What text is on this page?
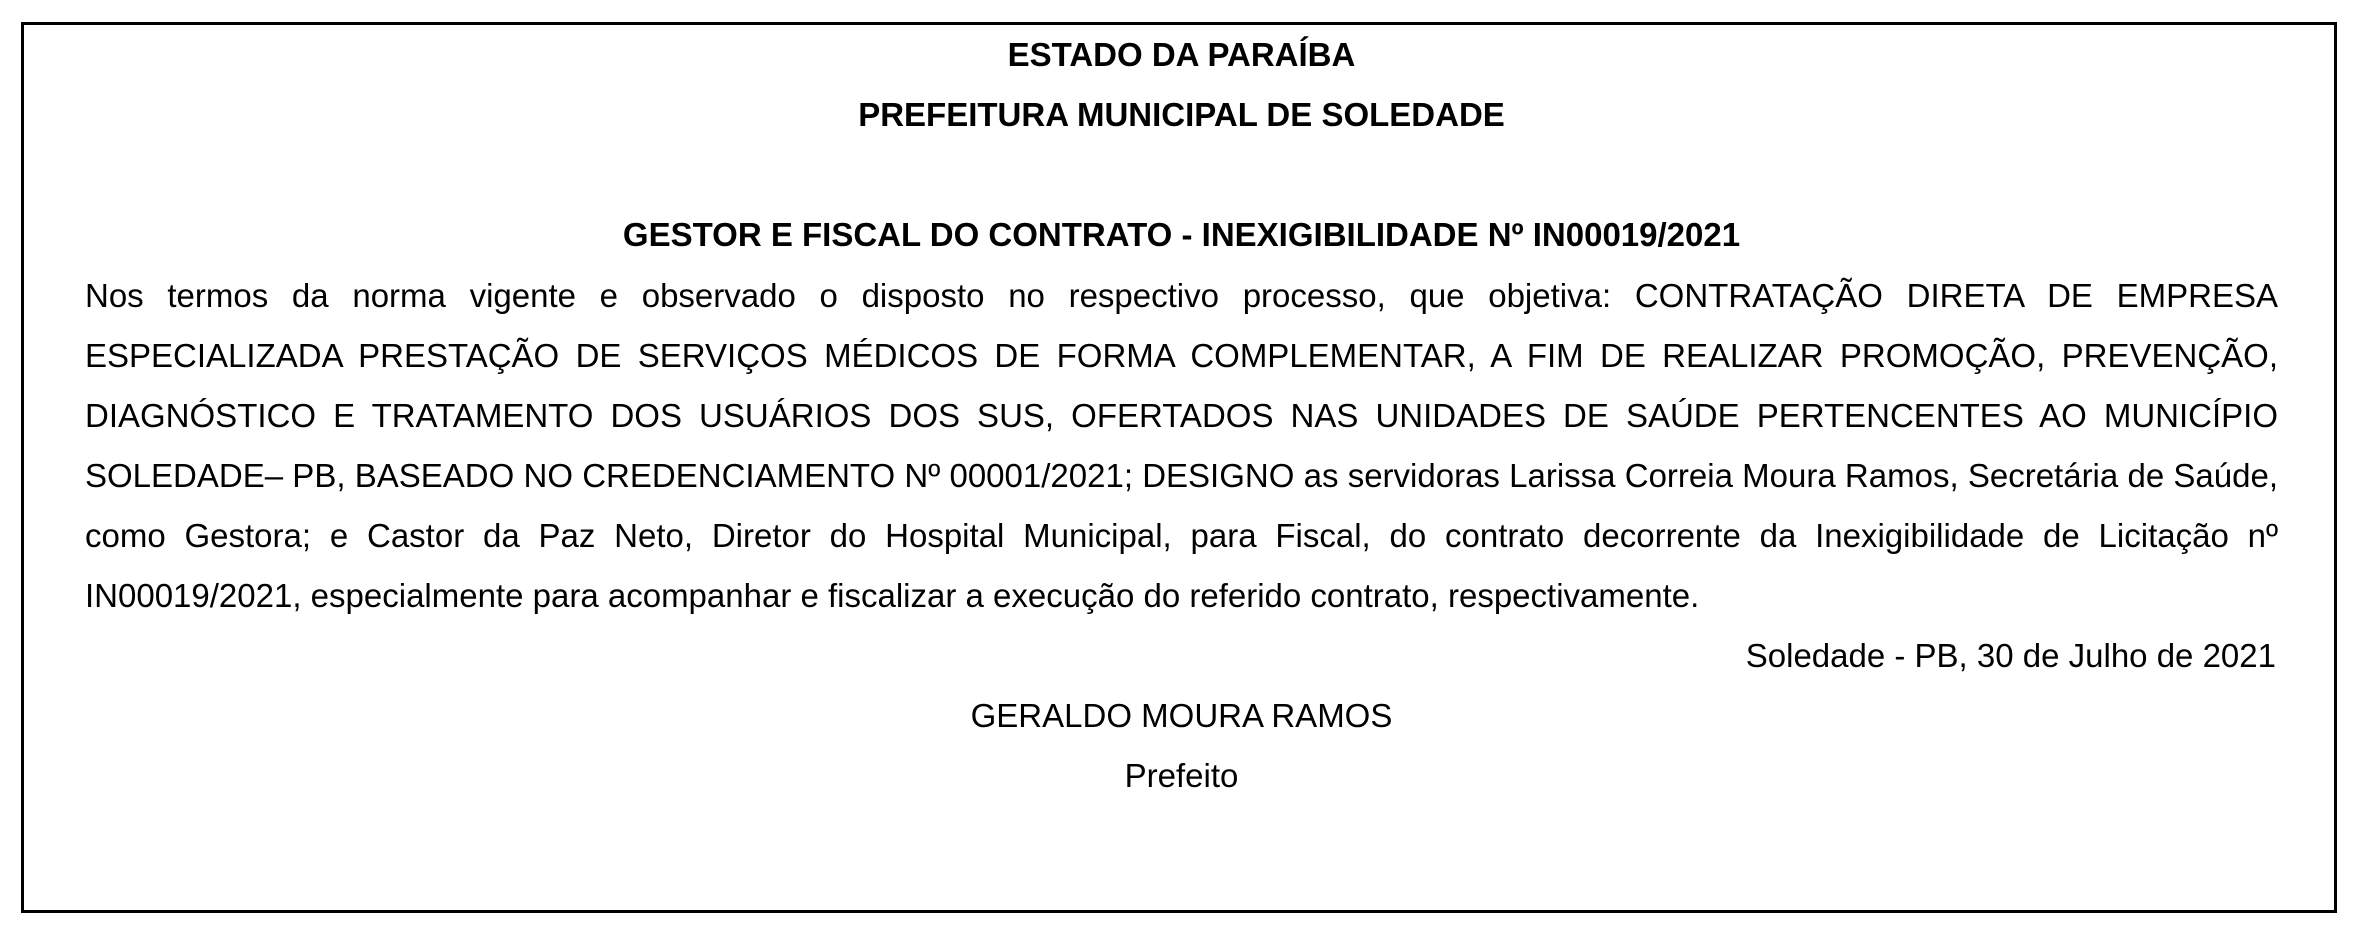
ESTADO DA PARAÍBA
PREFEITURA MUNICIPAL DE SOLEDADE
GESTOR E FISCAL DO CONTRATO - INEXIGIBILIDADE Nº IN00019/2021
Nos termos da norma vigente e observado o disposto no respectivo processo, que objetiva: CONTRATAÇÃO DIRETA DE EMPRESA ESPECIALIZADA PRESTAÇÃO DE SERVIÇOS MÉDICOS DE FORMA COMPLEMENTAR, A FIM DE REALIZAR PROMOÇÃO, PREVENÇÃO, DIAGNÓSTICO E TRATAMENTO DOS USUÁRIOS DOS SUS, OFERTADOS NAS UNIDADES DE SAÚDE PERTENCENTES AO MUNICÍPIO SOLEDADE– PB, BASEADO NO CREDENCIAMENTO Nº 00001/2021; DESIGNO as servidoras Larissa Correia Moura Ramos, Secretária de Saúde, como Gestora; e Castor da Paz Neto, Diretor do Hospital Municipal, para Fiscal, do contrato decorrente da Inexigibilidade de Licitação nº IN00019/2021, especialmente para acompanhar e fiscalizar a execução do referido contrato, respectivamente.
Soledade - PB, 30 de Julho de 2021
GERALDO MOURA RAMOS
Prefeito
